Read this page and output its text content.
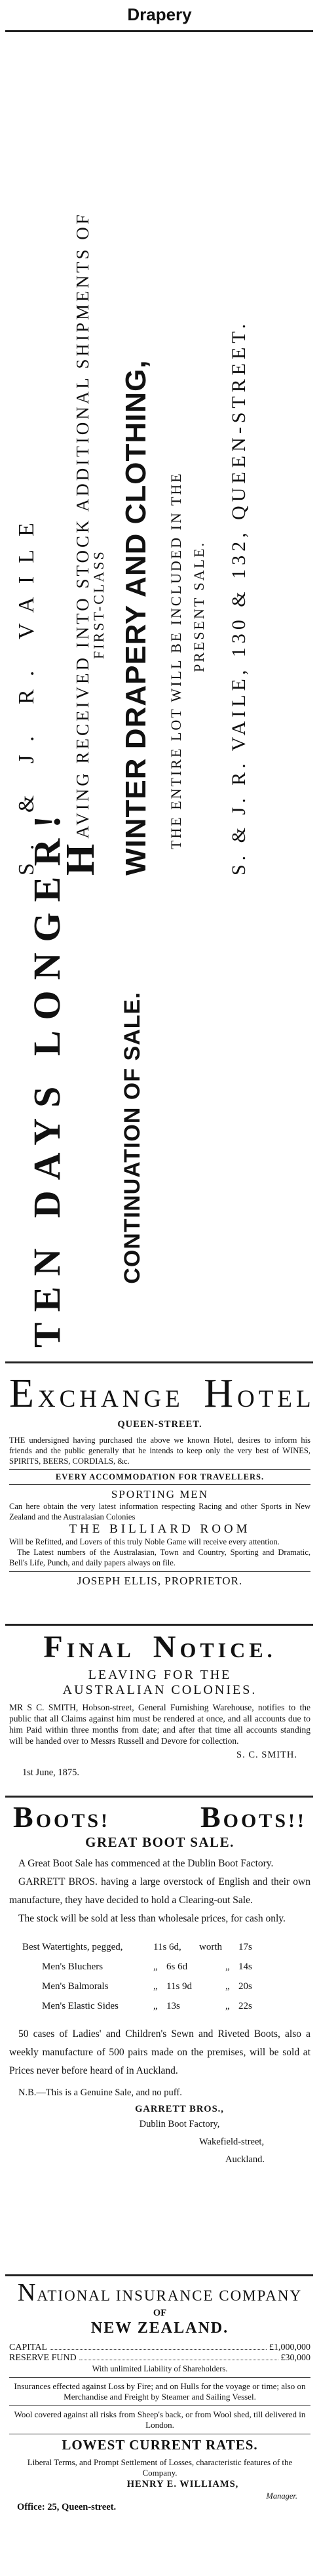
Drapery
TEN DAYS LONGER! CONTINUATION OF SALE.
S. & J. R. VAILE HAVING RECEIVED INTO STOCK ADDITIONAL SHIPMENTS OF
FIRST-CLASS WINTER DRAPERY AND CLOTHING, THE ENTIRE LOT WILL BE INCLUDED IN THE PRESENT SALE. S. & J. R. VAILE, 130 & 132, QUEEN-STREET.
EXCHANGE HOTEL
QUEEN-STREET.
THE undersigned having purchased the above we known Hotel, desires to inform his friends and the public generally that he intends to keep only the very best of WINES, SPIRITS, BEERS, CORDIALS, &c.
EVERY ACCOMMODATION FOR TRAVELLERS.
SPORTING MEN
Can here obtain the very latest information respecting Racing and other Sports in New Zealand and the Australasian Colonies
THE BILLIARD ROOM
Will be Refitted, and Lovers of this truly Noble Game will receive every attention.
The Latest numbers of the Australasian, Town and Country, Sporting and Dramatic, Bell's Life, Punch, and daily papers always on file.
JOSEPH ELLIS, PROPRIETOR.
FINAL NOTICE.
LEAVING FOR THE AUSTRALIAN COLONIES.
MR S C. SMITH, Hobson-street, General Furnishing Warehouse, notifies to the public that all Claims against him must be rendered at once, and all accounts due to him Paid within three months from date; and after that time all accounts standing will be handed over to Messrs Russell and Devore for collection.
S. C. SMITH.
1st June, 1875.
BOOTS!	BOOTS!!
GREAT BOOT SALE.
A Great Boot Sale has commenced at the Dublin Boot Factory.
GARRETT BROS. having a large overstock of English and their own manufacture, they have decided to hold a Clearing-out Sale.
The stock will be sold at less than wholesale prices, for cash only.
Best Watertights, pegged,	11s 6d, worth 17s
Men's Bluchers	„ 6s 6d	„ 14s
Men's Balmorals	„ 11s 9d	„ 20s
Men's Elastic Sides	„ 13s	„ 22s
50 cases of Ladies' and Children's Sewn and Riveted Boots, also a weekly manufacture of 500 pairs made on the premises, will be sold at Prices never before heard of in Auckland.
N.B.—This is a Genuine Sale, and no puff.
GARRETT BROS.,
Dublin Boot Factory,
Wakefield-street,
Auckland.
NATIONAL INSURANCE COMPANY
OF
NEW ZEALAND.
CAPITAL	£1,000,000
RESERVE FUND	£30,000
With unlimited Liability of Shareholders.
Insurances effected against Loss by Fire; and on Hulls for the voyage or time; also on Merchandise and Freight by Steamer and Sailing Vessel.
Wool covered against all risks from Sheep's back, or from Wool shed, till delivered in London.
LOWEST CURRENT RATES.
Liberal Terms, and Prompt Settlement of Losses, characteristic features of the Company.
HENRY E. WILLIAMS,
Manager.
Office: 25, Queen-street.
